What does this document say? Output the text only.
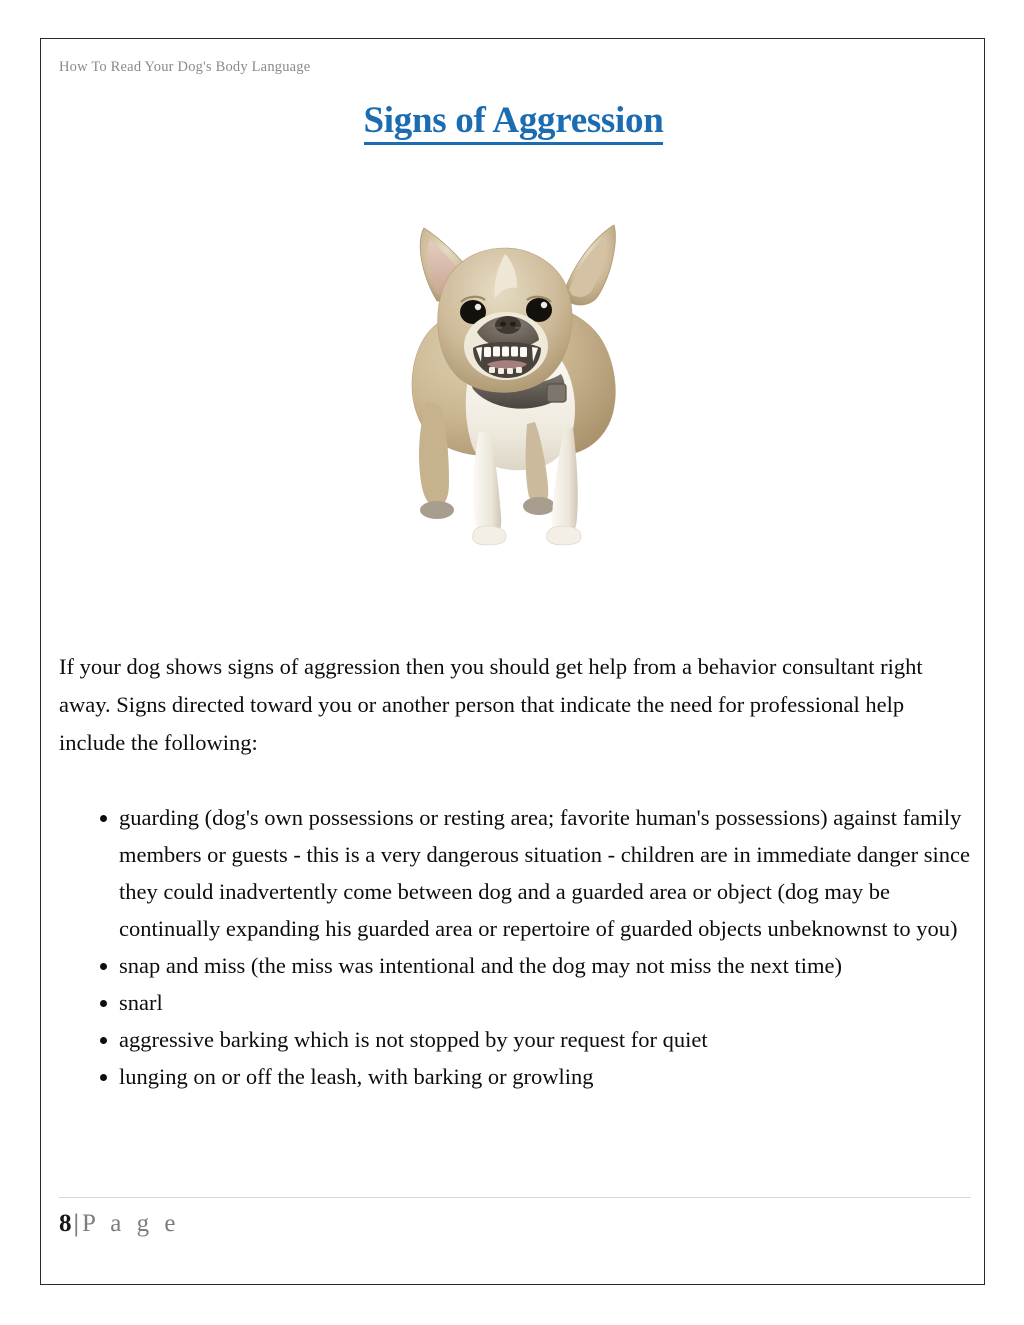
How To Read Your Dog's Body Language
Signs of Aggression

If your dog shows signs of aggression then you should get help from a behavior consultant right away. Signs directed toward you or another person that indicate the need for professional help include the following:

guarding (dog's own possessions or resting area; favorite human's possessions) against family members or guests - this is a very dangerous situation - children are in immediate danger since they could inadvertently come between dog and a guarded area or object (dog may be continually expanding his guarded area or repertoire of guarded objects unbeknownst to you)
snap and miss (the miss was intentional and the dog may not miss the next time)
snarl
aggressive barking which is not stopped by your request for quiet
lunging on or off the leash, with barking or growling
8| P a g e
